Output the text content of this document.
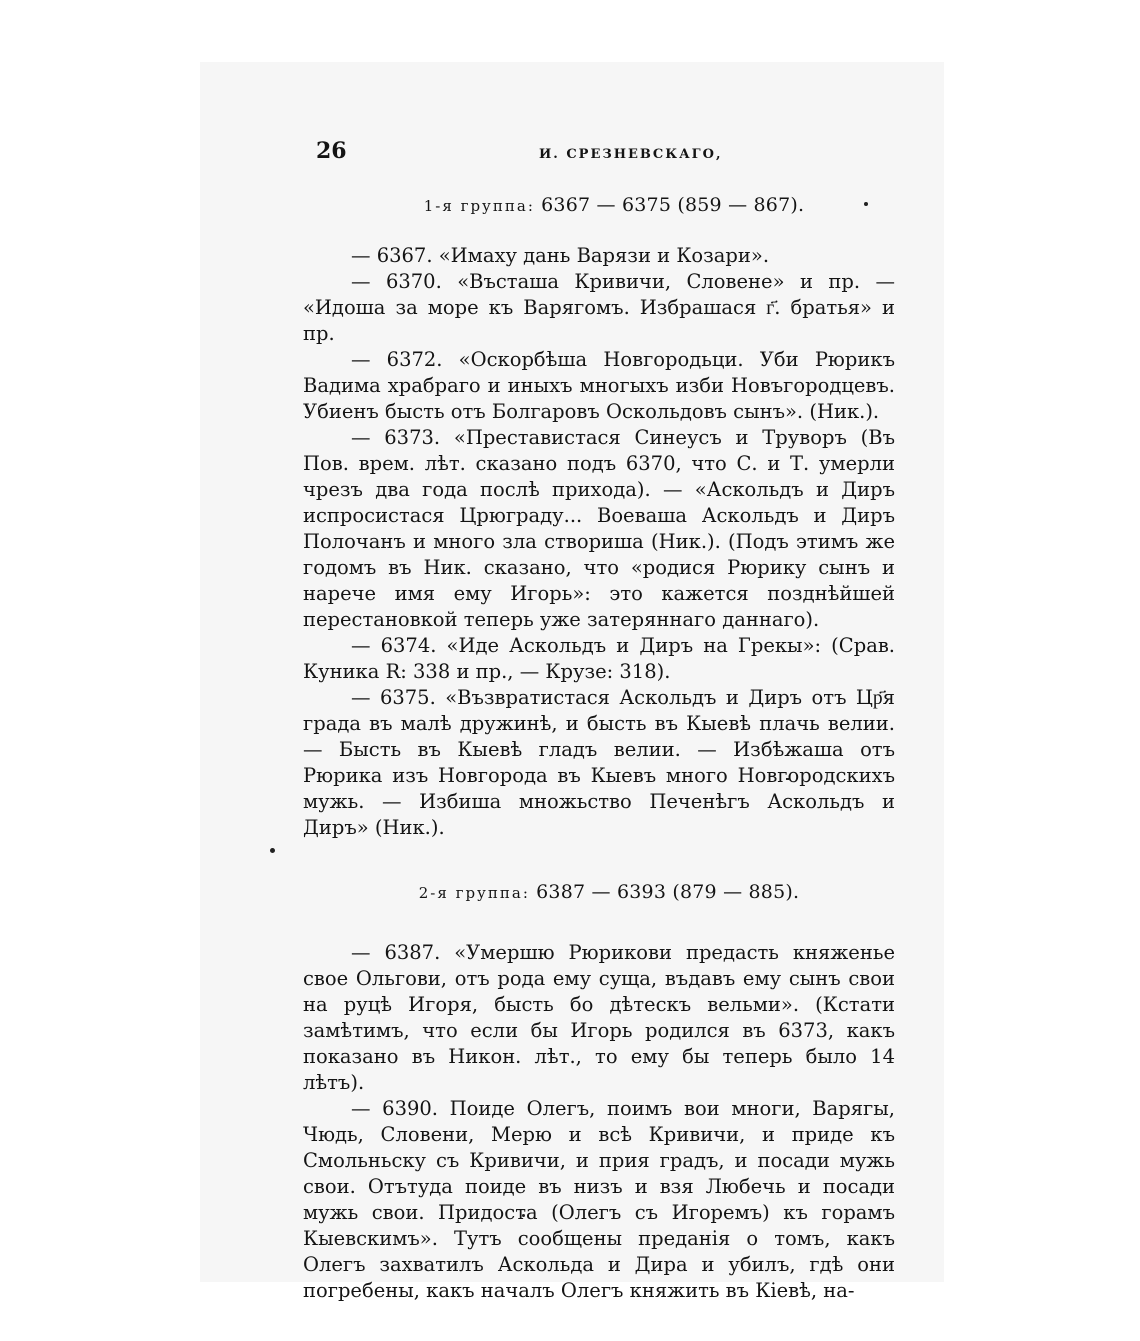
26	И. СРЕЗНЕВСКАГО,
1-я группа: 6367 — 6375 (859 — 867).

— 6367. «Имаху дань Варязи и Козари».

— 6370. «Въсташа Кривичи, Словене» и пр. — «Идоша за море къ Варягомъ. Избрашася г҃. братья» и пр.

— 6372. «Оскорбѣша Новгородьци. Уби Рюрикъ Вадима храбраго и иныхъ многыхъ изби Новъгородцевъ. Убиенъ бысть отъ Болгаровъ Оскольдовъ сынъ». (Ник.).

— 6373. «Преставистася Синеусъ и Труворъ (Въ Пов. врем. лѣт. сказано подъ 6370, что С. и Т. умерли чрезъ два года послѣ прихода). — «Аскольдъ и Диръ испросистася Црюграду... Воеваша Аскольдъ и Диръ Полочанъ и много зла створиша (Ник.). (Подъ этимъ же годомъ въ Ник. сказано, что «родися Рюрику сынъ и нарече имя ему Игорь»: это кажется позднѣйшей перестановкой теперь уже затеряннаго даннаго).

— 6374. «Иде Аскольдъ и Диръ на Грекы»: (Срав. Куника R: 338 и пр., — Крузе: 318).

— 6375. «Възвратистася Аскольдъ и Диръ отъ Цр҃я града въ малѣ дружинѣ, и бысть въ Кыевѣ плачь велии. — Бысть въ Кыевѣ гладъ велии. — Избѣжаша отъ Рюрика изъ Новгорода въ Кыевъ много Новгородскихъ мужь. — Избиша множьство Печенѣгъ Аскольдъ и Диръ» (Ник.).

2-я группа: 6387 — 6393 (879 — 885).

— 6387. «Умершю Рюрикови предасть княженье свое Ольгови, отъ рода ему суща, въдавъ ему сынъ свои на руцѣ Игоря, бысть бо дѣтескъ вельми». (Кстати замѣтимъ, что если бы Игорь родился въ 6373, какъ показано въ Никон. лѣт., то ему бы теперь было 14 лѣтъ).

— 6390. Поиде Олегъ, поимъ вои многи, Варягы, Чюдь, Словени, Мерю и всѣ Кривичи, и приде къ Смольньску съ Кривичи, и прия градъ, и посади мужь свои. Отътуда поиде въ низъ и взя Любечь и посади мужь свои. Придоста (Олегъ съ Игоремъ) къ горамъ Кыевскимъ». Тутъ сообщены преданія о томъ, какъ Олегъ захватилъ Аскольда и Дира и убилъ, гдѣ они погребены, какъ началъ Олегъ княжить въ Кіевѣ, на-
